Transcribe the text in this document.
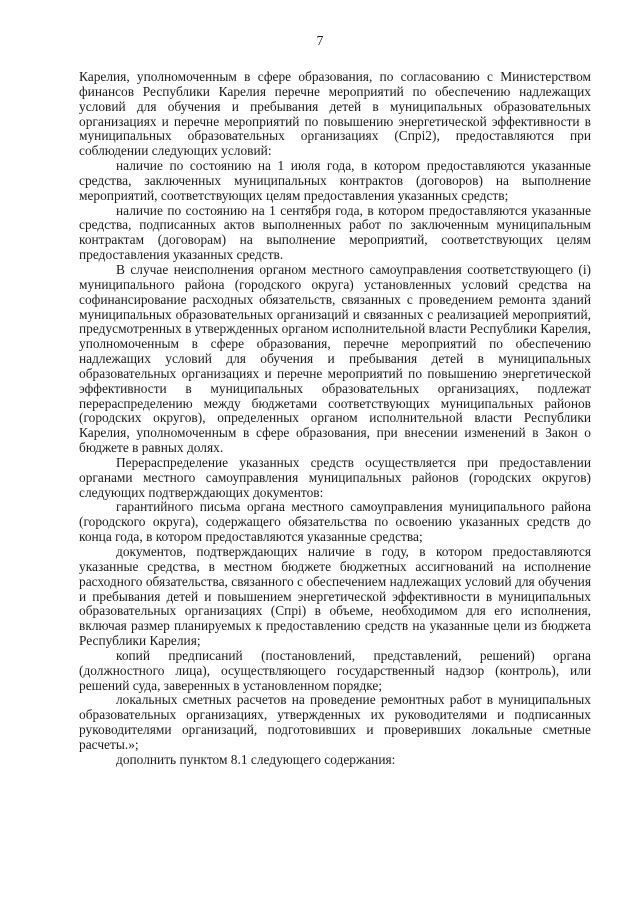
7

Карелия, уполномоченным в сфере образования, по согласованию с Министерством финансов Республики Карелия перечне мероприятий по обеспечению надлежащих условий для обучения и пребывания детей в муниципальных образовательных организациях и перечне мероприятий по повышению энергетической эффективности в муниципальных образовательных организациях (Спрi2), предоставляются при соблюдении следующих условий:

наличие по состоянию на 1 июля года, в котором предоставляются указанные средства, заключенных муниципальных контрактов (договоров) на выполнение мероприятий, соответствующих целям предоставления указанных средств;

наличие по состоянию на 1 сентября года, в котором предоставляются указанные средства, подписанных актов выполненных работ по заключенным муниципальным контрактам (договорам) на выполнение мероприятий, соответствующих целям предоставления указанных средств.

В случае неисполнения органом местного самоуправления соответствующего (i) муниципального района (городского округа) установленных условий средства на софинансирование расходных обязательств, связанных с проведением ремонта зданий муниципальных образовательных организаций и связанных с реализацией мероприятий, предусмотренных в утвержденных органом исполнительной власти Республики Карелия, уполномоченным в сфере образования, перечне мероприятий по обеспечению надлежащих условий для обучения и пребывания детей в муниципальных образовательных организациях и перечне мероприятий по повышению энергетической эффективности в муниципальных образовательных организациях, подлежат перераспределению между бюджетами соответствующих муниципальных районов (городских округов), определенных органом исполнительной власти Республики Карелия, уполномоченным в сфере образования, при внесении изменений в Закон о бюджете в равных долях.

Перераспределение указанных средств осуществляется при предоставлении органами местного самоуправления муниципальных районов (городских округов) следующих подтверждающих документов:

гарантийного письма органа местного самоуправления муниципального района (городского округа), содержащего обязательства по освоению указанных средств до конца года, в котором предоставляются указанные средства;

документов, подтверждающих наличие в году, в котором предоставляются указанные средства, в местном бюджете бюджетных ассигнований на исполнение расходного обязательства, связанного с обеспечением надлежащих условий для обучения и пребывания детей и повышением энергетической эффективности в муниципальных образовательных организациях (Спрi) в объеме, необходимом для его исполнения, включая размер планируемых к предоставлению средств на указанные цели из бюджета Республики Карелия;

копий предписаний (постановлений, представлений, решений) органа (должностного лица), осуществляющего государственный надзор (контроль), или решений суда, заверенных в установленном порядке;

локальных сметных расчетов на проведение ремонтных работ в муниципальных образовательных организациях, утвержденных их руководителями и подписанных руководителями организаций, подготовивших и проверивших локальные сметные расчеты.»;

дополнить пунктом 8.1 следующего содержания:
